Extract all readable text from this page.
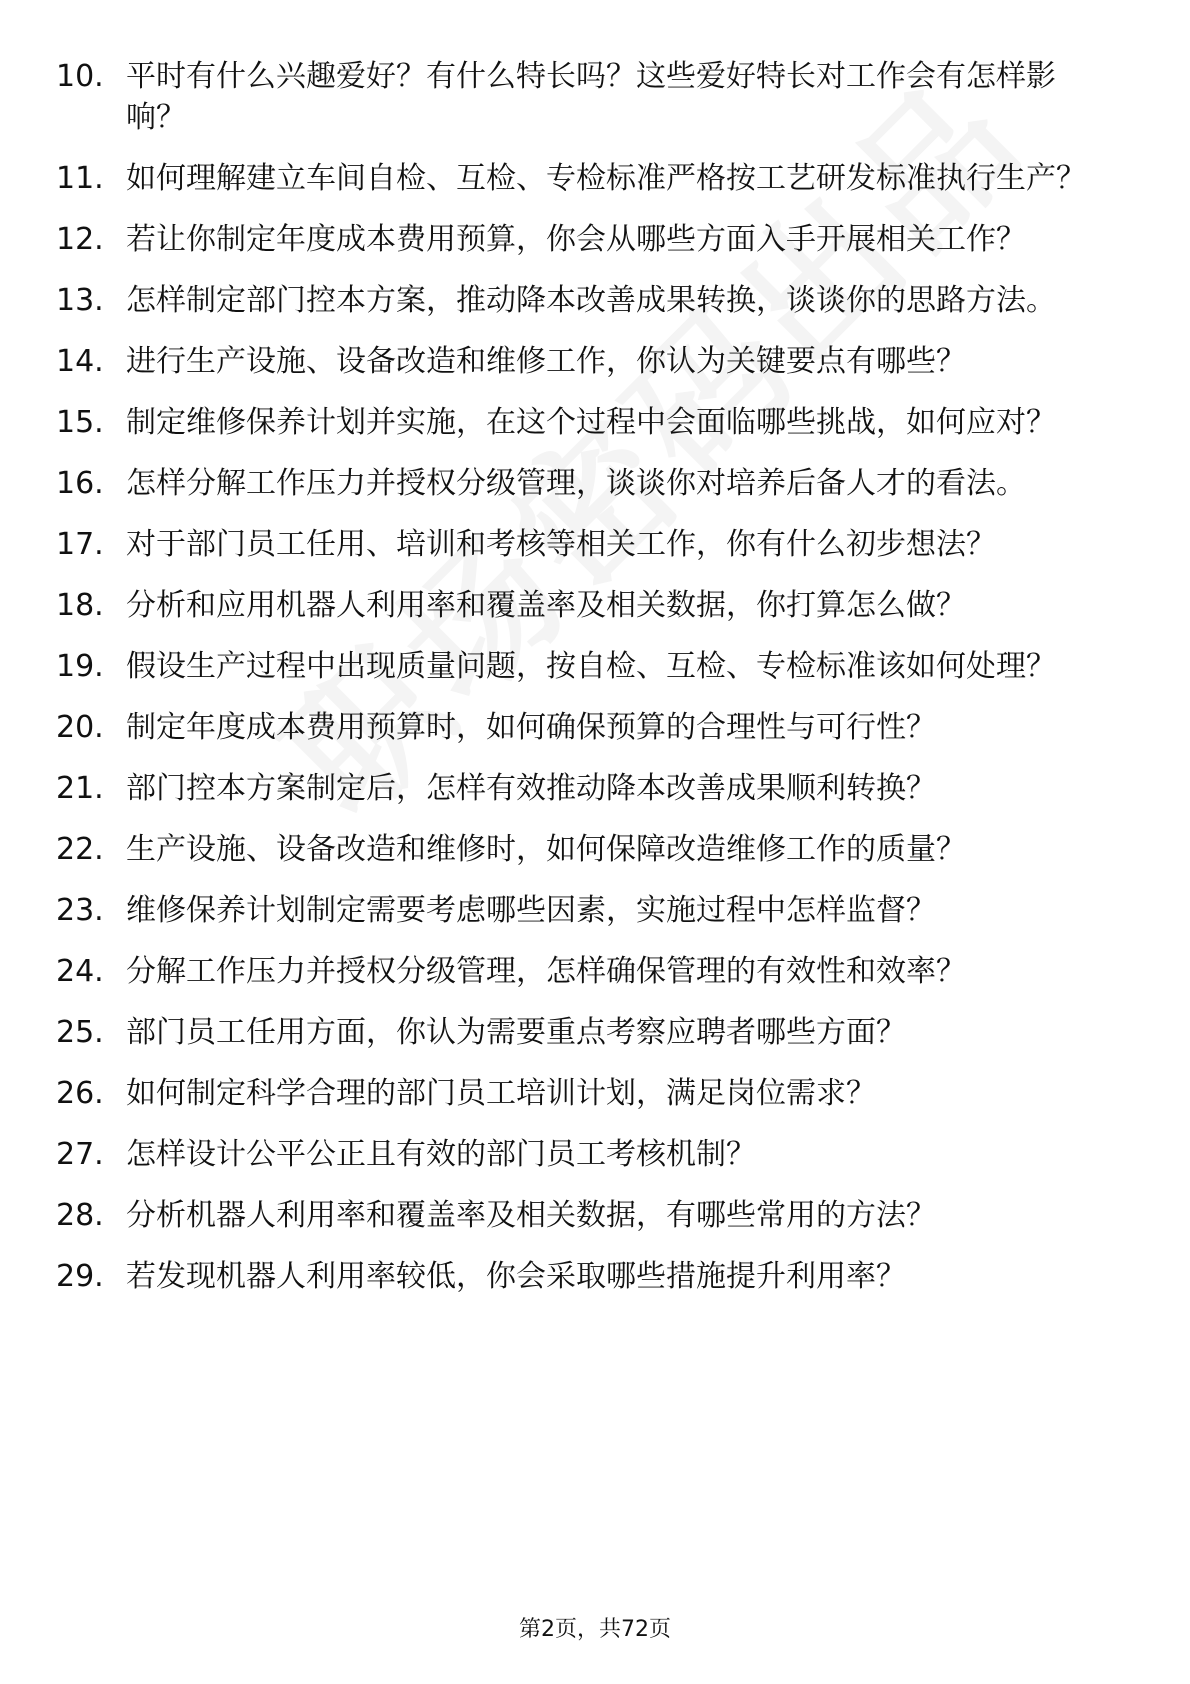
10. 平时有什么兴趣爱好？有什么特长吗？这些爱好特长对工作会有怎样影响？
11. 如何理解建立车间自检、互检、专检标准严格按工艺研发标准执行生产？
12. 若让你制定年度成本费用预算，你会从哪些方面入手开展相关工作？
13. 怎样制定部门控本方案，推动降本改善成果转换，谈谈你的思路方法。
14. 进行生产设施、设备改造和维修工作，你认为关键要点有哪些？
15. 制定维修保养计划并实施，在这个过程中会面临哪些挑战，如何应对？
16. 怎样分解工作压力并授权分级管理，谈谈你对培养后备人才的看法。
17. 对于部门员工任用、培训和考核等相关工作，你有什么初步想法？
18. 分析和应用机器人利用率和覆盖率及相关数据，你打算怎么做？
19. 假设生产过程中出现质量问题，按自检、互检、专检标准该如何处理？
20. 制定年度成本费用预算时，如何确保预算的合理性与可行性？
21. 部门控本方案制定后，怎样有效推动降本改善成果顺利转换？
22. 生产设施、设备改造和维修时，如何保障改造维修工作的质量？
23. 维修保养计划制定需要考虑哪些因素，实施过程中怎样监督？
24. 分解工作压力并授权分级管理，怎样确保管理的有效性和效率？
25. 部门员工任用方面，你认为需要重点考察应聘者哪些方面？
26. 如何制定科学合理的部门员工培训计划，满足岗位需求？
27. 怎样设计公平公正且有效的部门员工考核机制？
28. 分析机器人利用率和覆盖率及相关数据，有哪些常用的方法？
29. 若发现机器人利用率较低，你会采取哪些措施提升利用率？
第2页，共72页
